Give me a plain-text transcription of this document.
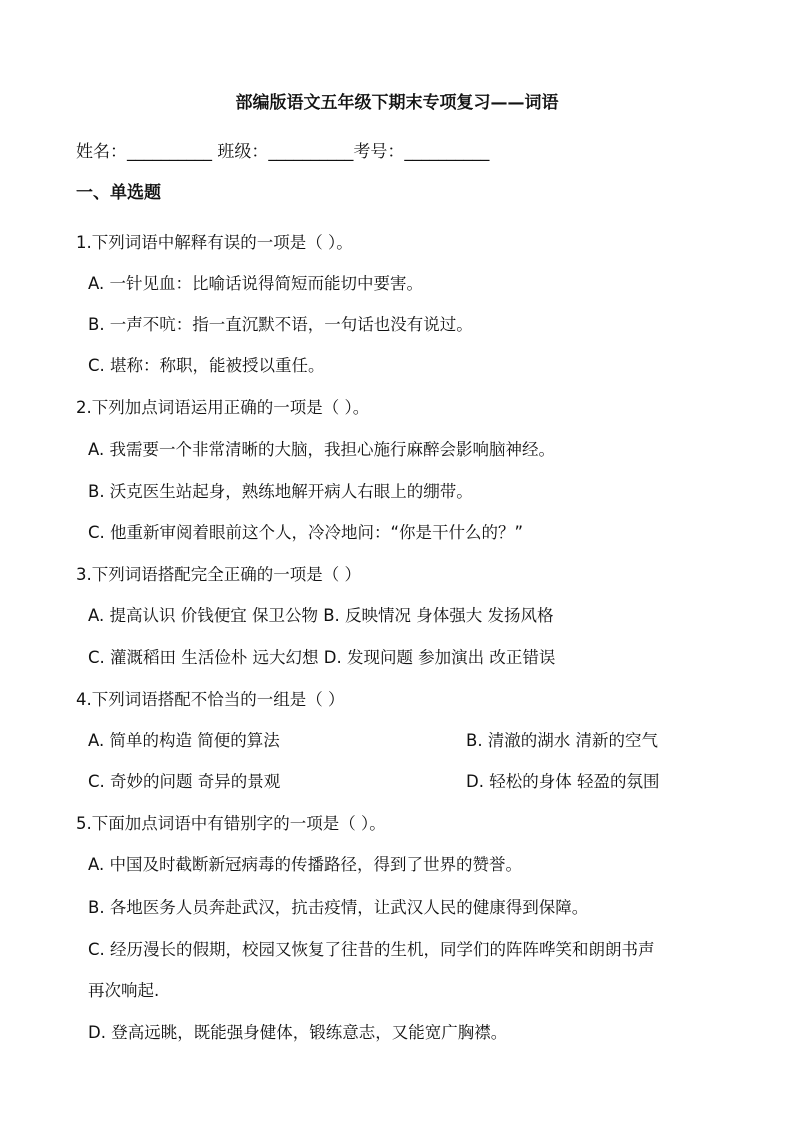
部编版语文五年级下期末专项复习——词语
姓名：__________ 班级：__________考号：__________
一、单选题
1.下列词语中解释有误的一项是（ ）。
A. 一针见血：比喻话说得简短而能切中要害。
B. 一声不吭：指一直沉默不语，一句话也没有说过。
C. 堪称：称职，能被授以重任。
2.下列加点词语运用正确的一项是（ ）。
A. 我需要一个非常清晰的大脑，我担心施行麻醉会影响脑神经。
B. 沃克医生站起身，熟练地解开病人右眼上的绷带。
C. 他重新审阅着眼前这个人，冷冷地问：“你是干什么的？”
3.下列词语搭配完全正确的一项是（ ）
A. 提高认识 价钱便宜 保卫公物 B. 反映情况 身体强大 发扬风格
C. 灌溉稻田 生活俭朴 远大幻想 D. 发现问题 参加演出 改正错误
4.下列词语搭配不恰当的一组是（ ）
A. 简单的构造 简便的算法	B. 清澈的湖水 清新的空气
C. 奇妙的问题 奇异的景观	D. 轻松的身体 轻盈的氛围
5.下面加点词语中有错别字的一项是（ ）。
A. 中国及时截断新冠病毒的传播路径，得到了世界的赞誉。
B. 各地医务人员奔赴武汉，抗击疫情，让武汉人民的健康得到保障。
C. 经历漫长的假期，校园又恢复了往昔的生机，同学们的阵阵哗笑和朗朗书声
再次响起.
D. 登高远眺，既能强身健体，锻练意志，又能宽广胸襟。
